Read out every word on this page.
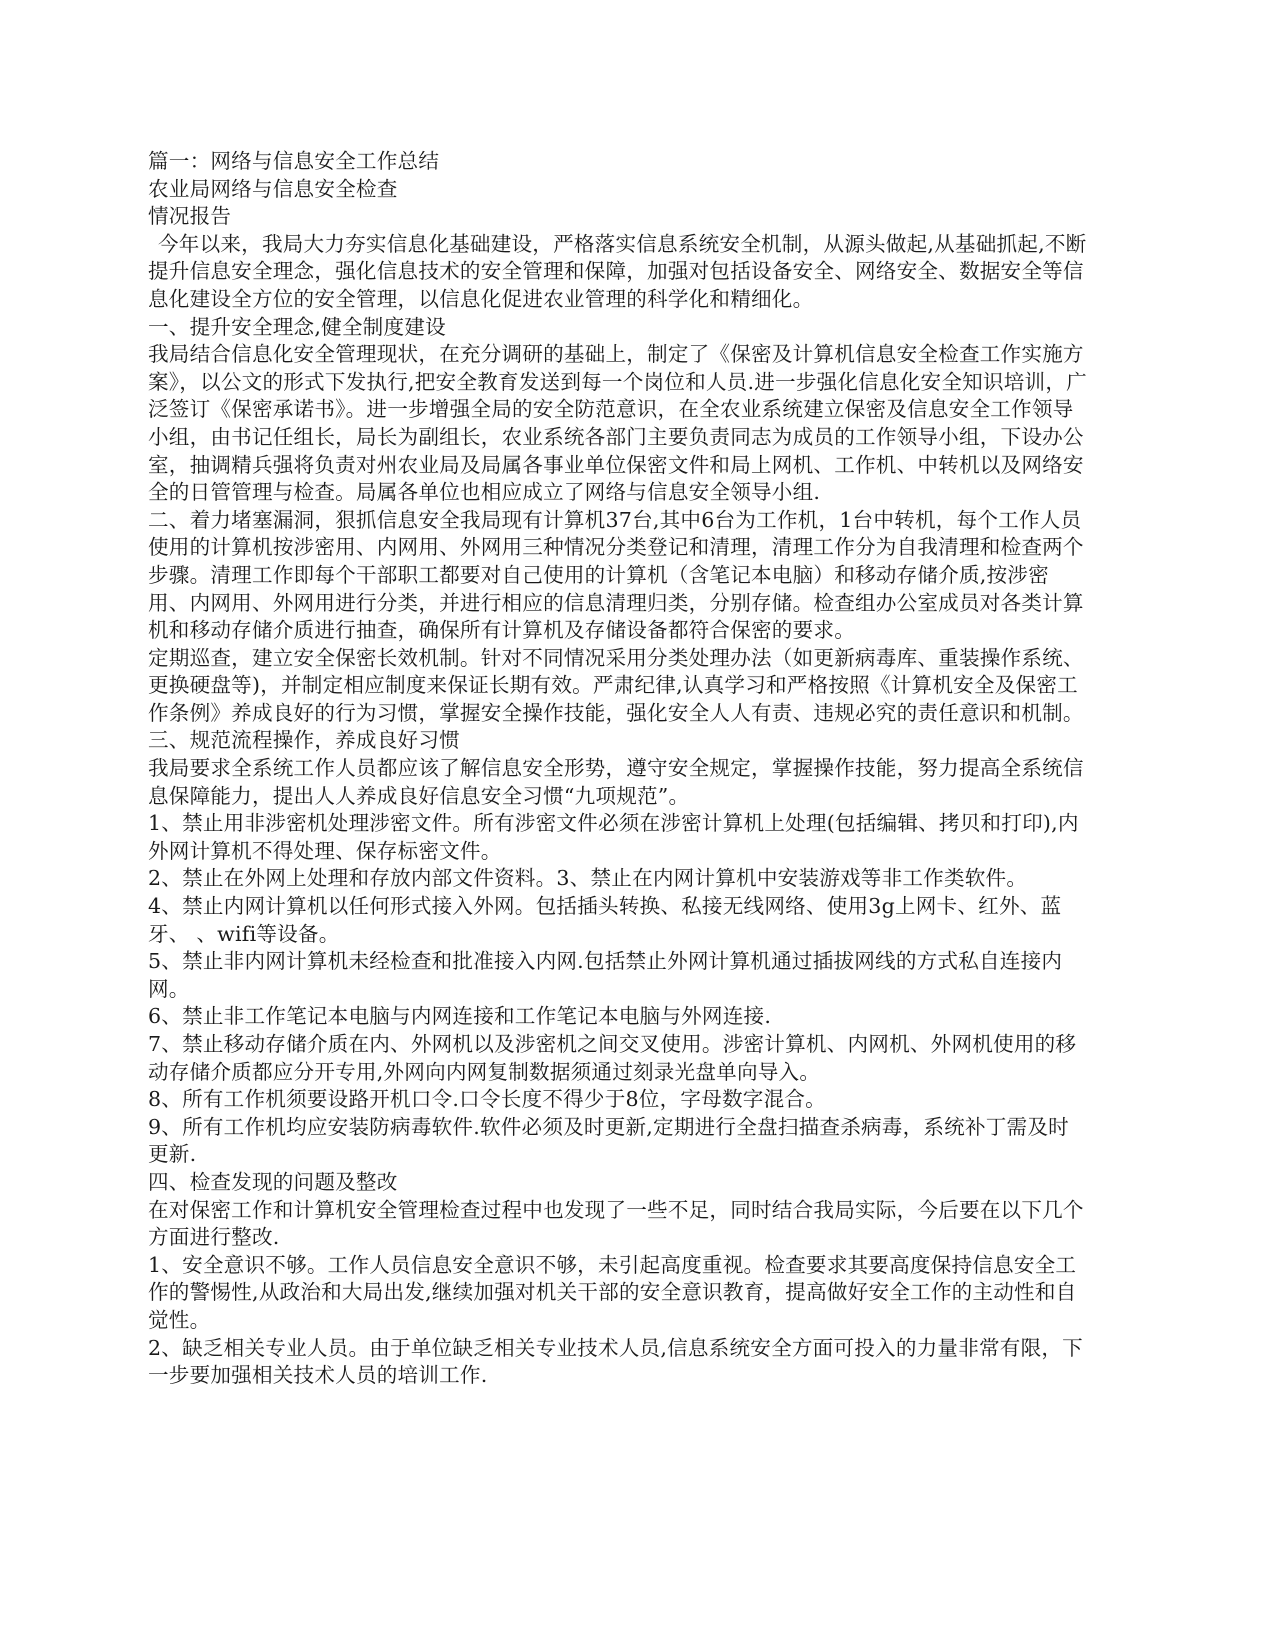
篇一：网络与信息安全工作总结

农业局网络与信息安全检查

情况报告

今年以来，我局大力夯实信息化基础建设，严格落实信息系统安全机制，从源头做起,从基础抓起,不断提升信息安全理念，强化信息技术的安全管理和保障，加强对包括设备安全、网络安全、数据安全等信息化建设全方位的安全管理，以信息化促进农业管理的科学化和精细化。

一、提升安全理念,健全制度建设

我局结合信息化安全管理现状，在充分调研的基础上，制定了《保密及计算机信息安全检查工作实施方案》，以公文的形式下发执行,把安全教育发送到每一个岗位和人员.进一步强化信息化安全知识培训，广泛签订《保密承诺书》。进一步增强全局的安全防范意识，在全农业系统建立保密及信息安全工作领导小组，由书记任组长，局长为副组长，农业系统各部门主要负责同志为成员的工作领导小组，下设办公室，抽调精兵强将负责对州农业局及局属各事业单位保密文件和局上网机、工作机、中转机以及网络安全的日管管理与检查。局属各单位也相应成立了网络与信息安全领导小组.

二、着力堵塞漏洞，狠抓信息安全我局现有计算机37台,其中6台为工作机，1台中转机，每个工作人员使用的计算机按涉密用、内网用、外网用三种情况分类登记和清理，清理工作分为自我清理和检查两个步骤。清理工作即每个干部职工都要对自己使用的计算机（含笔记本电脑）和移动存储介质,按涉密用、内网用、外网用进行分类，并进行相应的信息清理归类，分别存储。检查组办公室成员对各类计算机和移动存储介质进行抽查，确保所有计算机及存储设备都符合保密的要求。

定期巡查，建立安全保密长效机制。针对不同情况采用分类处理办法（如更新病毒库、重装操作系统、更换硬盘等)，并制定相应制度来保证长期有效。严肃纪律,认真学习和严格按照《计算机安全及保密工作条例》养成良好的行为习惯，掌握安全操作技能，强化安全人人有责、违规必究的责任意识和机制。

三、规范流程操作，养成良好习惯

我局要求全系统工作人员都应该了解信息安全形势，遵守安全规定，掌握操作技能，努力提高全系统信息保障能力，提出人人养成良好信息安全习惯“九项规范”。

1、禁止用非涉密机处理涉密文件。所有涉密文件必须在涉密计算机上处理(包括编辑、拷贝和打印),内外网计算机不得处理、保存标密文件。

2、禁止在外网上处理和存放内部文件资料。3、禁止在内网计算机中安装游戏等非工作类软件。

4、禁止内网计算机以任何形式接入外网。包括插头转换、私接无线网络、使用3g上网卡、红外、蓝牙、 、wifi等设备。

5、禁止非内网计算机未经检查和批准接入内网.包括禁止外网计算机通过插拔网线的方式私自连接内网。

6、禁止非工作笔记本电脑与内网连接和工作笔记本电脑与外网连接.

7、禁止移动存储介质在内、外网机以及涉密机之间交叉使用。涉密计算机、内网机、外网机使用的移动存储介质都应分开专用,外网向内网复制数据须通过刻录光盘单向导入。

8、所有工作机须要设路开机口令.口令长度不得少于8位，字母数字混合。

9、所有工作机均应安装防病毒软件.软件必须及时更新,定期进行全盘扫描查杀病毒，系统补丁需及时更新.

四、检查发现的问题及整改

在对保密工作和计算机安全管理检查过程中也发现了一些不足，同时结合我局实际，今后要在以下几个方面进行整改.

1、安全意识不够。工作人员信息安全意识不够，未引起高度重视。检查要求其要高度保持信息安全工作的警惕性,从政治和大局出发,继续加强对机关干部的安全意识教育，提高做好安全工作的主动性和自觉性。

2、缺乏相关专业人员。由于单位缺乏相关专业技术人员,信息系统安全方面可投入的力量非常有限，下一步要加强相关技术人员的培训工作.
